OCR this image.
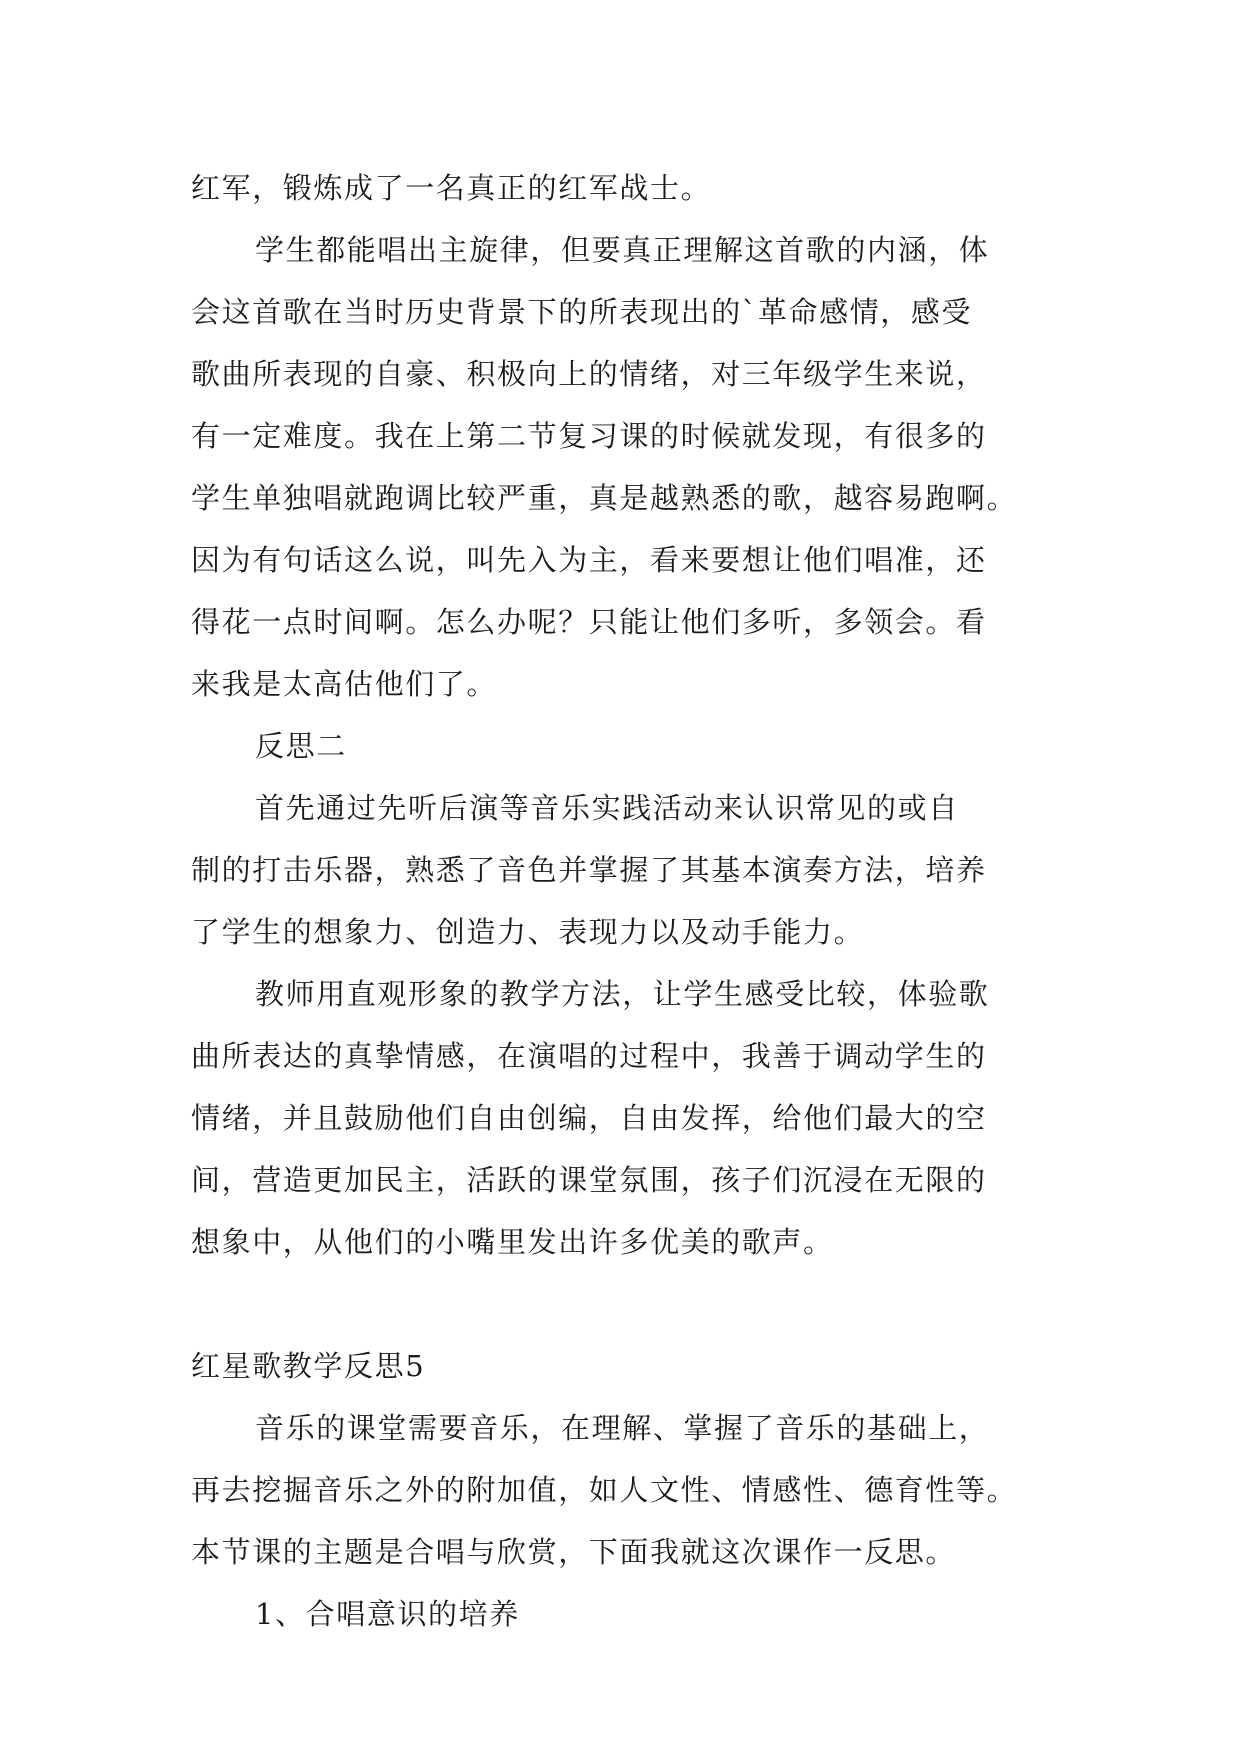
红军，锻炼成了一名真正的红军战士。
学生都能唱出主旋律，但要真正理解这首歌的内涵，体
会这首歌在当时历史背景下的所表现出的`革命感情，感受
歌曲所表现的自豪、积极向上的情绪，对三年级学生来说，
有一定难度。我在上第二节复习课的时候就发现，有很多的
学生单独唱就跑调比较严重，真是越熟悉的歌，越容易跑啊。
因为有句话这么说，叫先入为主，看来要想让他们唱准，还
得花一点时间啊。怎么办呢？只能让他们多听，多领会。看
来我是太高估他们了。
反思二
首先通过先听后演等音乐实践活动来认识常见的或自
制的打击乐器，熟悉了音色并掌握了其基本演奏方法，培养
了学生的想象力、创造力、表现力以及动手能力。
教师用直观形象的教学方法，让学生感受比较，体验歌
曲所表达的真挚情感，在演唱的过程中，我善于调动学生的
情绪，并且鼓励他们自由创编，自由发挥，给他们最大的空
间，营造更加民主，活跃的课堂氛围，孩子们沉浸在无限的
想象中，从他们的小嘴里发出许多优美的歌声。
红星歌教学反思5
音乐的课堂需要音乐，在理解、掌握了音乐的基础上，
再去挖掘音乐之外的附加值，如人文性、情感性、德育性等。
本节课的主题是合唱与欣赏，下面我就这次课作一反思。
1、合唱意识的培养
